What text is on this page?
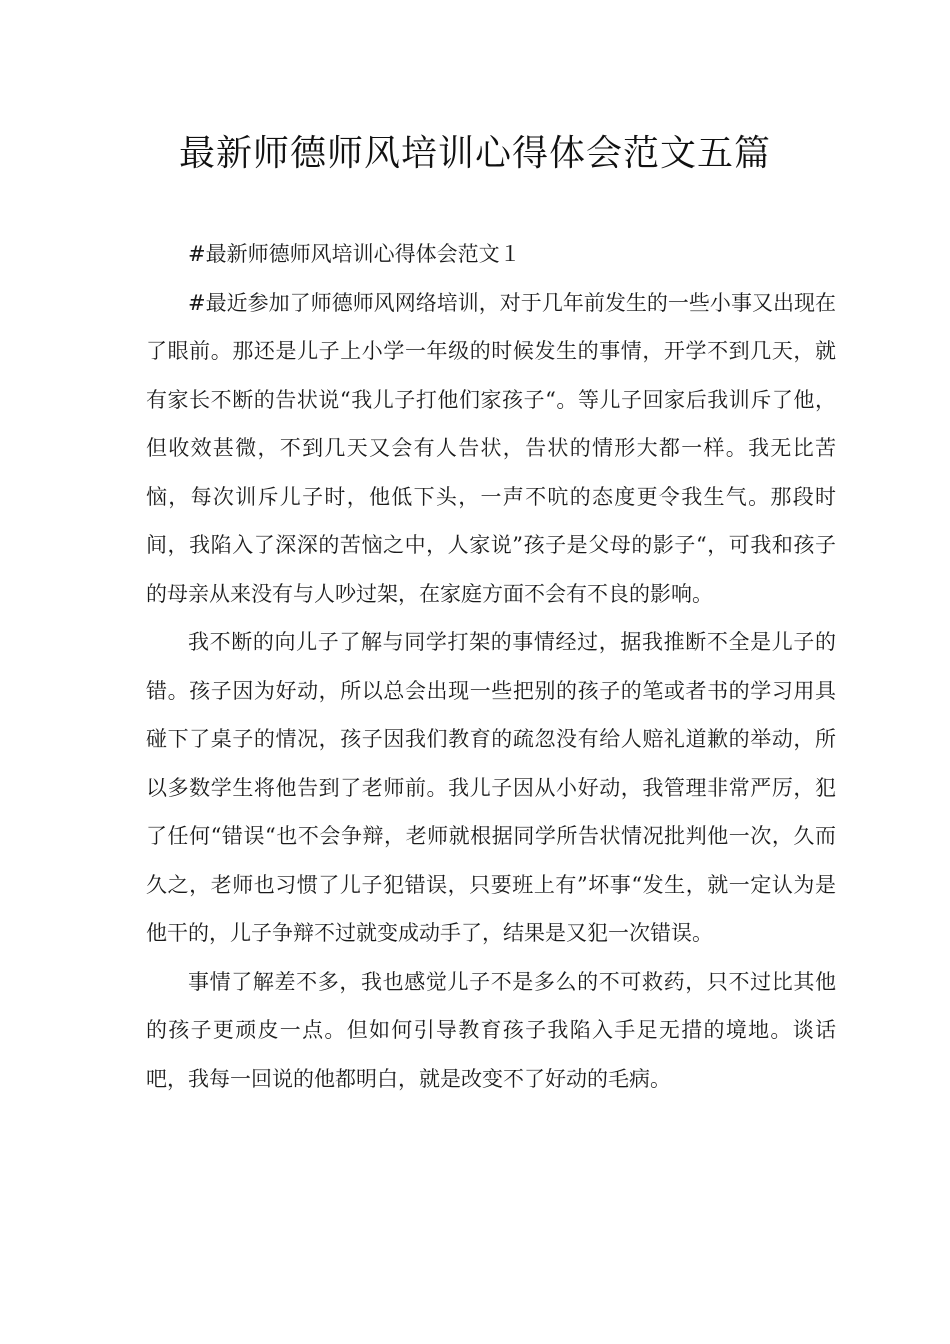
最新师德师风培训心得体会范文五篇

#最新师德师风培训心得体会范文１

#最近参加了师德师风网络培训，对于几年前发生的一些小事又出现在了眼前。那还是儿子上小学一年级的时候发生的事情，开学不到几天，就有家长不断的告状说“我儿子打他们家孩子“。等儿子回家后我训斥了他，但收效甚微，不到几天又会有人告状，告状的情形大都一样。我无比苦恼，每次训斥儿子时，他低下头，一声不吭的态度更令我生气。那段时间，我陷入了深深的苦恼之中，人家说”孩子是父母的影子“，可我和孩子的母亲从来没有与人吵过架，在家庭方面不会有不良的影响。

我不断的向儿子了解与同学打架的事情经过，据我推断不全是儿子的错。孩子因为好动，所以总会出现一些把别的孩子的笔或者书的学习用具碰下了桌子的情况，孩子因我们教育的疏忽没有给人赔礼道歉的举动，所以多数学生将他告到了老师前。我儿子因从小好动，我管理非常严厉，犯了任何“错误“也不会争辩，老师就根据同学所告状情况批判他一次，久而久之，老师也习惯了儿子犯错误，只要班上有”坏事“发生，就一定认为是他干的，儿子争辩不过就变成动手了，结果是又犯一次错误。

事情了解差不多，我也感觉儿子不是多么的不可救药，只不过比其他的孩子更顽皮一点。但如何引导教育孩子我陷入手足无措的境地。谈话吧，我每一回说的他都明白，就是改变不了好动的毛病。
